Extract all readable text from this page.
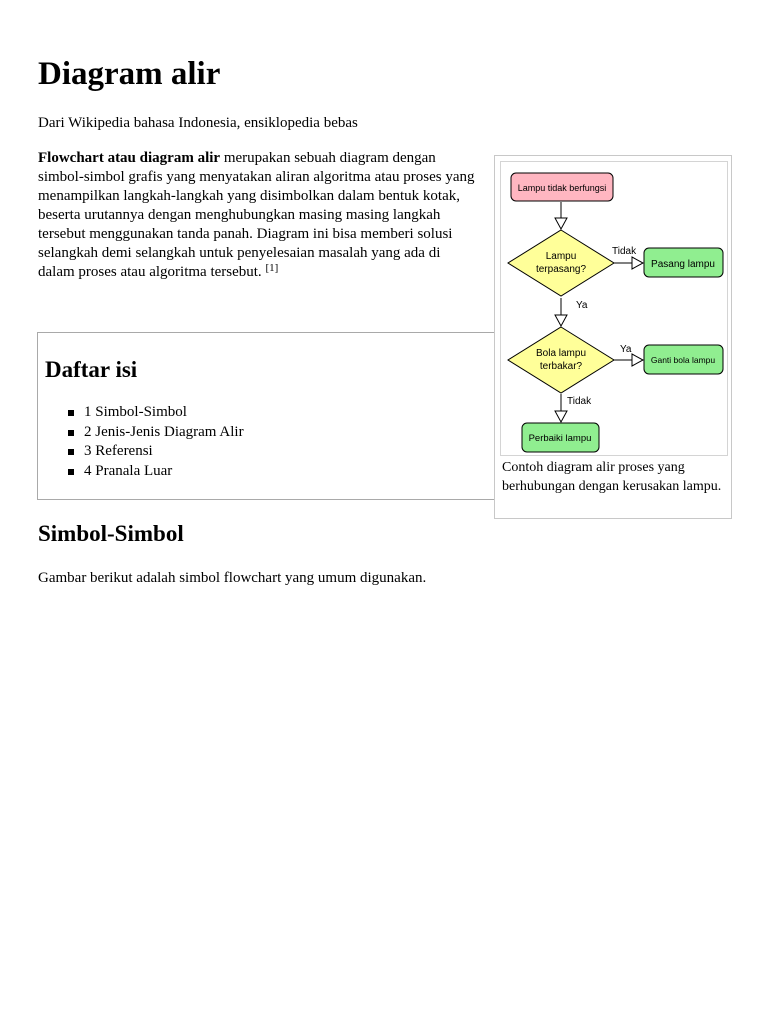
Diagram alir

Dari Wikipedia bahasa Indonesia, ensiklopedia bebas

Flowchart atau diagram alir merupakan sebuah diagram dengan simbol-simbol grafis yang menyatakan aliran algoritma atau proses yang menampilkan langkah-langkah yang disimbolkan dalam bentuk kotak, beserta urutannya dengan menghubungkan masing masing langkah tersebut menggunakan tanda panah. Diagram ini bisa memberi solusi selangkah demi selangkah untuk penyelesaian masalah yang ada di dalam proses atau algoritma tersebut. [1]

Daftar isi
1 Simbol-Simbol
2 Jenis-Jenis Diagram Alir
3 Referensi
4 Pranala Luar
Lampu tidak berfungsi
Lampu
terpasang?	Pasang lampu
Bola lampu
terbakar?
Ganti bola lampu
Perbaiki lampu
Tidak
Ya
Ya
Tidak

Contoh diagram alir proses yang berhubungan dengan kerusakan lampu.

Simbol-Simbol

Gambar berikut adalah simbol flowchart yang umum digunakan.
